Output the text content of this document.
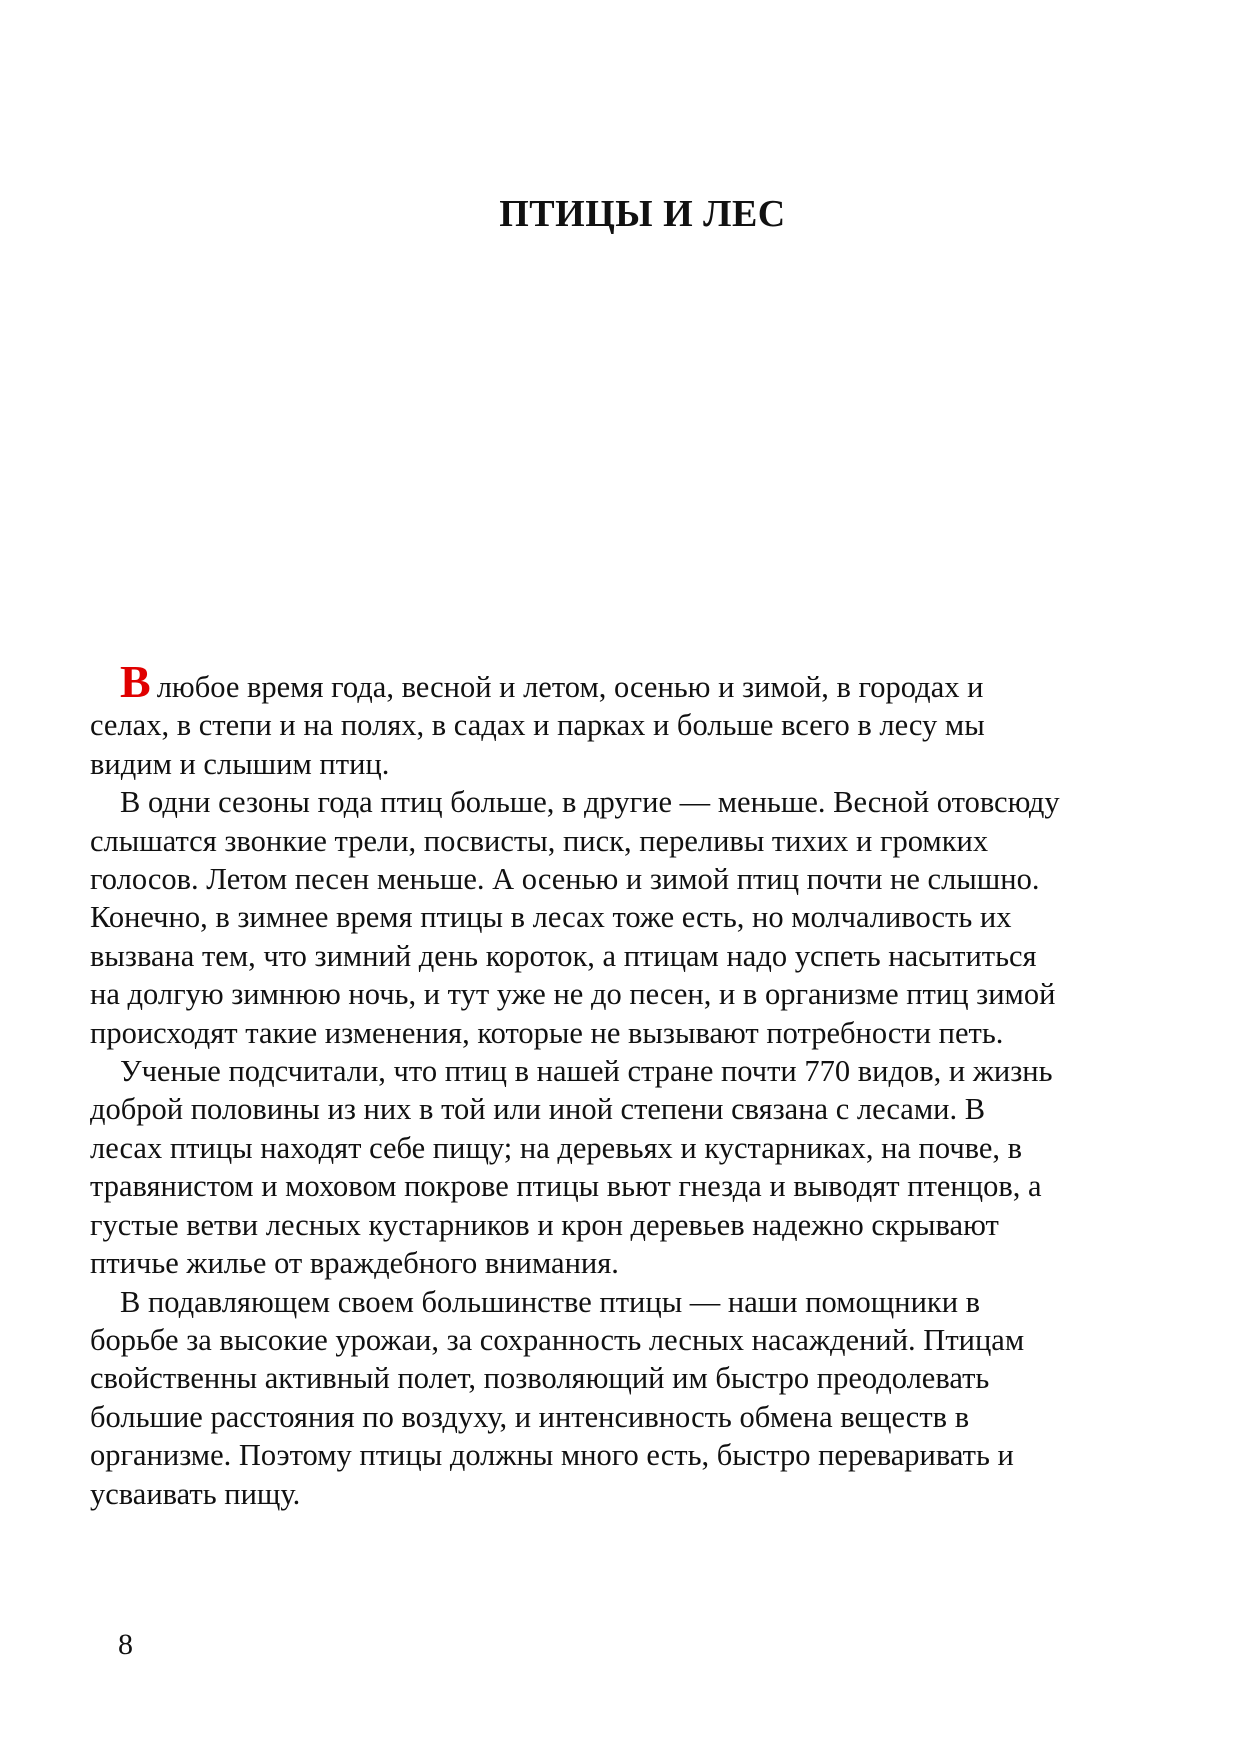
ПТИЦЫ И ЛЕС
Влюбое время года, весной и летом, осенью и зимой, в городах и
селах, в степи и на полях, в садах и парках и больше всего в лесу мы
видим и слышим птиц.
В одни сезоны года птиц больше, в другие — меньше. Весной отовсюду
слышатся звонкие трели, посвисты, писк, переливы тихих и громких
голосов. Летом песен меньше. А осенью и зимой птиц почти не слышно.
Конечно, в зимнее время птицы в лесах тоже есть, но молчаливость их
вызвана тем, что зимний день короток, а птицам надо успеть насытиться
на долгую зимнюю ночь, и тут уже не до песен, и в организме птиц зимой
происходят такие изменения, которые не вызывают потребности петь.
Ученые подсчитали, что птиц в нашей стране почти 770 видов, и жизнь
доброй половины из них в той или иной степени связана с лесами. В
лесах птицы находят себе пищу; на деревьях и кустарниках, на почве, в
травянистом и моховом покрове птицы вьют гнезда и выводят птенцов, а
густые ветви лесных кустарников и крон деревьев надежно скрывают
птичье жилье от враждебного внимания.
В подавляющем своем большинстве птицы — наши помощники в
борьбе за высокие урожаи, за сохранность лесных насаждений. Птицам
свойственны активный полет, позволяющий им быстро преодолевать
большие расстояния по воздуху, и интенсивность обмена веществ в
организме. Поэтому птицы должны много есть, быстро переваривать и
усваивать пищу.

8
